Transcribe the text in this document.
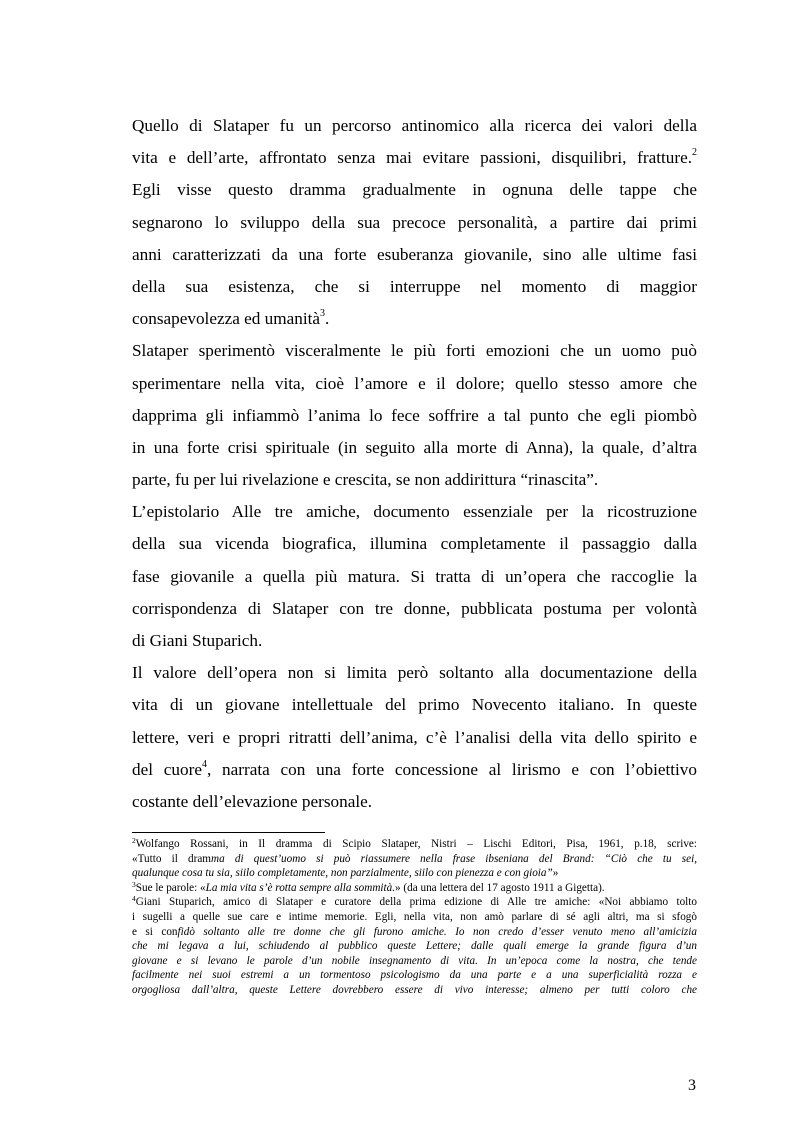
Quello di Slataper fu un percorso antinomico alla ricerca dei valori della
vita e dell’arte, affrontato senza mai evitare passioni, disquilibri, fratture.$^2$
Egli visse questo dramma gradualmente in ognuna delle tappe che
segnarono lo sviluppo della sua precoce personalità, a partire dai primi
anni caratterizzati da una forte esuberanza giovanile, sino alle ultime fasi
della sua esistenza, che si interruppe nel momento di maggior
consapevolezza ed umanità$^3$.
Slataper sperimentò visceralmente le più forti emozioni che un uomo può
sperimentare nella vita, cioè l’amore e il dolore; quello stesso amore che
dapprima gli infiammò l’anima lo fece soffrire a tal punto che egli piombò
in una forte crisi spirituale (in seguito alla morte di Anna), la quale, d’altra
parte, fu per lui rivelazione e crescita, se non addirittura “rinascita”.
L’epistolario Alle tre amiche, documento essenziale per la ricostruzione
della sua vicenda biografica, illumina completamente il passaggio dalla
fase giovanile a quella più matura. Si tratta di un’opera che raccoglie la
corrispondenza di Slataper con tre donne, pubblicata postuma per volontà
di Giani Stuparich.
Il valore dell’opera non si limita però soltanto alla documentazione della
vita di un giovane intellettuale del primo Novecento italiano. In queste
lettere, veri e propri ritratti dell’anima, c’è l’analisi della vita dello spirito e
del cuore$^4$, narrata con una forte concessione al lirismo e con l’obiettivo
costante dell’elevazione personale.
$^2$Wolfango Rossani, in Il dramma di Scipio Slataper, Nistri – Lischi Editori, Pisa, 1961, p.18, scrive:
«Tutto il dramma di quest’uomo si può riassumere nella frase ibseniana del Brand: “Ciò che tu sei,
qualunque cosa tu sia, siilo completamente, non parzialmente, siilo con pienezza e con gioia”»
$^3$Sue le parole: «La mia vita s’è rotta sempre alla sommità.» (da una lettera del 17 agosto 1911 a Gigetta).
$^4$Giani Stuparich, amico di Slataper e curatore della prima edizione di Alle tre amiche: «Noi abbiamo tolto
i sugelli a quelle sue care e intime memorie. Egli, nella vita, non amò parlare di sé agli altri, ma si sfogò
e si confidò soltanto alle tre donne che gli furono amiche. Io non credo d’esser venuto meno all’amicizia
che mi legava a lui, schiudendo al pubblico queste Lettere; dalle quali emerge la grande figura d’un
giovane e si levano le parole d’un nobile insegnamento di vita. In un’epoca come la nostra, che tende
facilmente nei suoi estremi a un tormentoso psicologismo da una parte e a una superficialità rozza e
orgogliosa dall’altra, queste Lettere dovrebbero essere di vivo interesse; almeno per tutti coloro che
3
